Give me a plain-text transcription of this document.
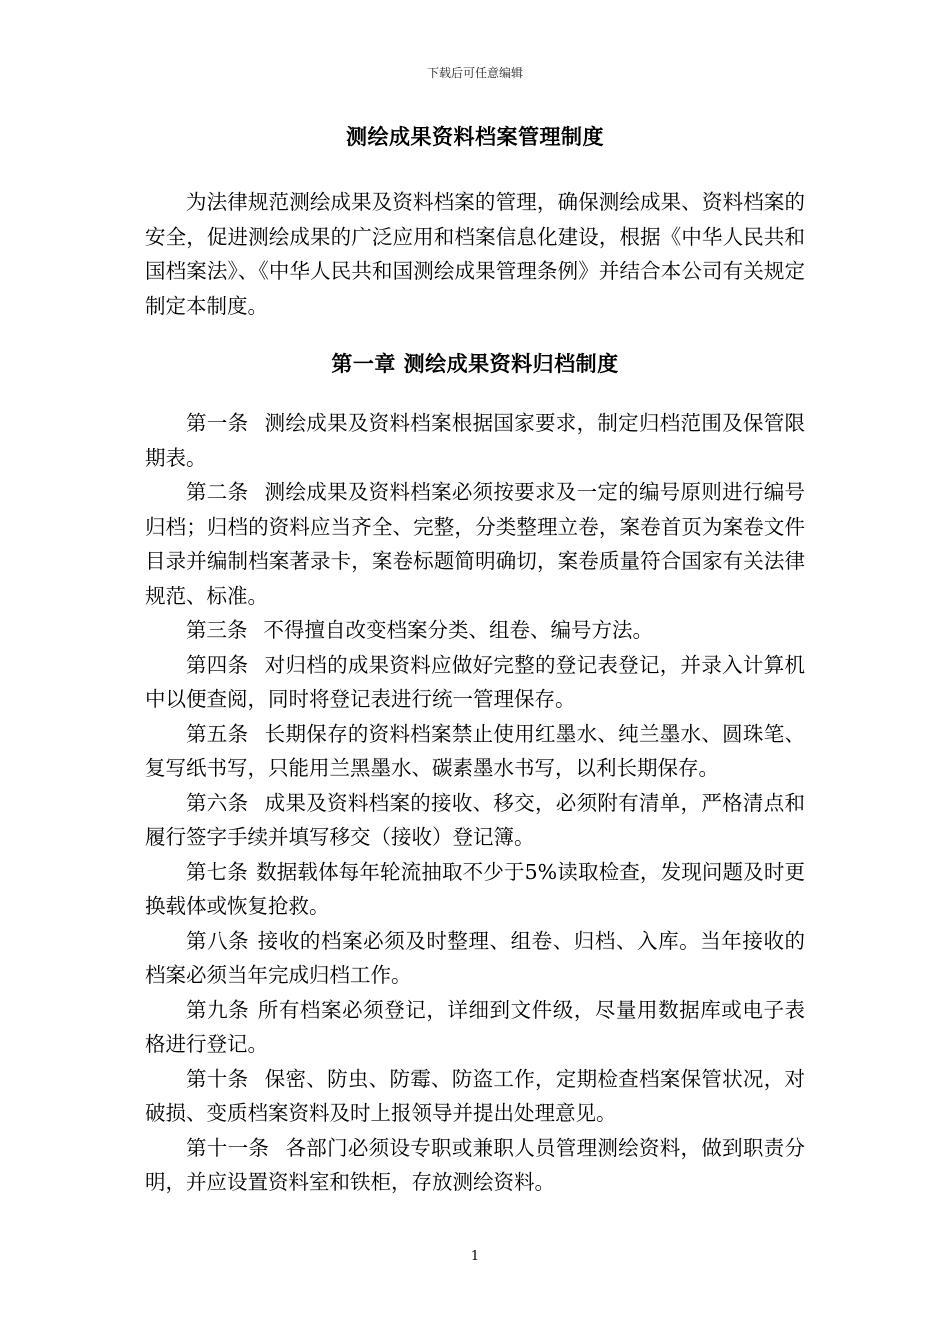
下载后可任意编辑
测绘成果资料档案管理制度

为法律规范测绘成果及资料档案的管理，确保测绘成果、资料档案的安全，促进测绘成果的广泛应用和档案信息化建设，根据《中华人民共和国档案法》、《中华人民共和国测绘成果管理条例》并结合本公司有关规定制定本制度。

第一章 测绘成果资料归档制度
第一条 测绘成果及资料档案根据国家要求，制定归档范围及保管限期表。
第二条 测绘成果及资料档案必须按要求及一定的编号原则进行编号归档；归档的资料应当齐全、完整，分类整理立卷，案卷首页为案卷文件目录并编制档案著录卡，案卷标题简明确切，案卷质量符合国家有关法律规范、标准。
第三条 不得擅自改变档案分类、组卷、编号方法。
第四条 对归档的成果资料应做好完整的登记表登记，并录入计算机中以便查阅，同时将登记表进行统一管理保存。
第五条 长期保存的资料档案禁止使用红墨水、纯兰墨水、圆珠笔、复写纸书写，只能用兰黑墨水、碳素墨水书写，以利长期保存。
第六条 成果及资料档案的接收、移交，必须附有清单，严格清点和履行签字手续并填写移交（接收）登记簿。
第七条 数据载体每年轮流抽取不少于5%读取检查，发现问题及时更换载体或恢复抢救。
第八条 接收的档案必须及时整理、组卷、归档、入库。当年接收的档案必须当年完成归档工作。
第九条 所有档案必须登记，详细到文件级，尽量用数据库或电子表格进行登记。
第十条 保密、防虫、防霉、防盗工作，定期检查档案保管状况，对破损、变质档案资料及时上报领导并提出处理意见。
第十一条 各部门必须设专职或兼职人员管理测绘资料，做到职责分明，并应设置资料室和铁柜，存放测绘资料。
1
